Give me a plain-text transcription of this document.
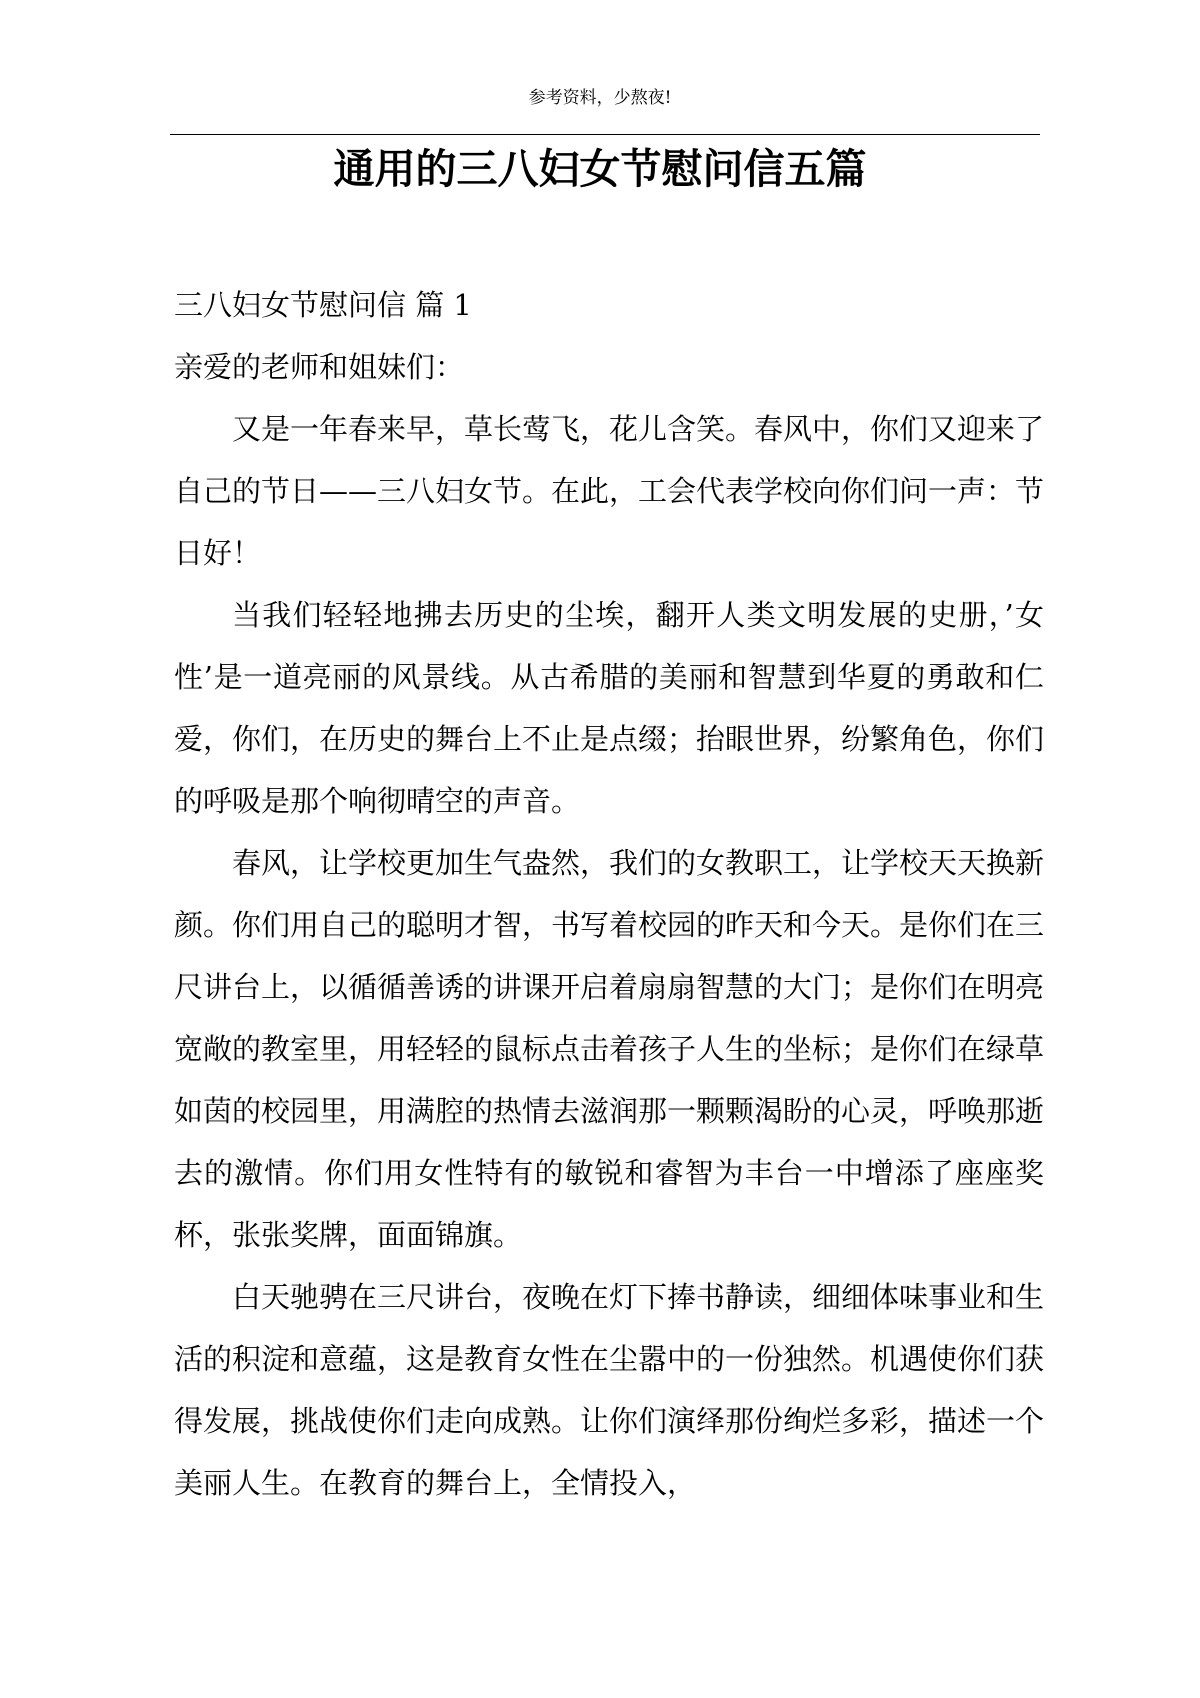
参考资料，少熬夜!
通用的三八妇女节慰问信五篇

三八妇女节慰问信 篇 1

亲爱的老师和姐妹们：

又是一年春来早，草长莺飞，花儿含笑。春风中，你们又迎来了自己的节日——三八妇女节。在此，工会代表学校向你们问一声：节日好！

当我们轻轻地拂去历史的尘埃，翻开人类文明发展的史册，’女性’是一道亮丽的风景线。从古希腊的美丽和智慧到华夏的勇敢和仁爱，你们，在历史的舞台上不止是点缀；抬眼世界，纷繁角色，你们的呼吸是那个响彻晴空的声音。

春风，让学校更加生气盎然，我们的女教职工，让学校天天换新颜。你们用自己的聪明才智，书写着校园的昨天和今天。是你们在三尺讲台上，以循循善诱的讲课开启着扇扇智慧的大门；是你们在明亮宽敞的教室里，用轻轻的鼠标点击着孩子人生的坐标；是你们在绿草如茵的校园里，用满腔的热情去滋润那一颗颗渴盼的心灵，呼唤那逝去的激情。你们用女性特有的敏锐和睿智为丰台一中增添了座座奖杯，张张奖牌，面面锦旗。

白天驰骋在三尺讲台，夜晚在灯下捧书静读，细细体味事业和生活的积淀和意蕴，这是教育女性在尘嚣中的一份独然。机遇使你们获得发展，挑战使你们走向成熟。让你们演绎那份绚烂多彩，描述一个美丽人生。在教育的舞台上，全情投入，
